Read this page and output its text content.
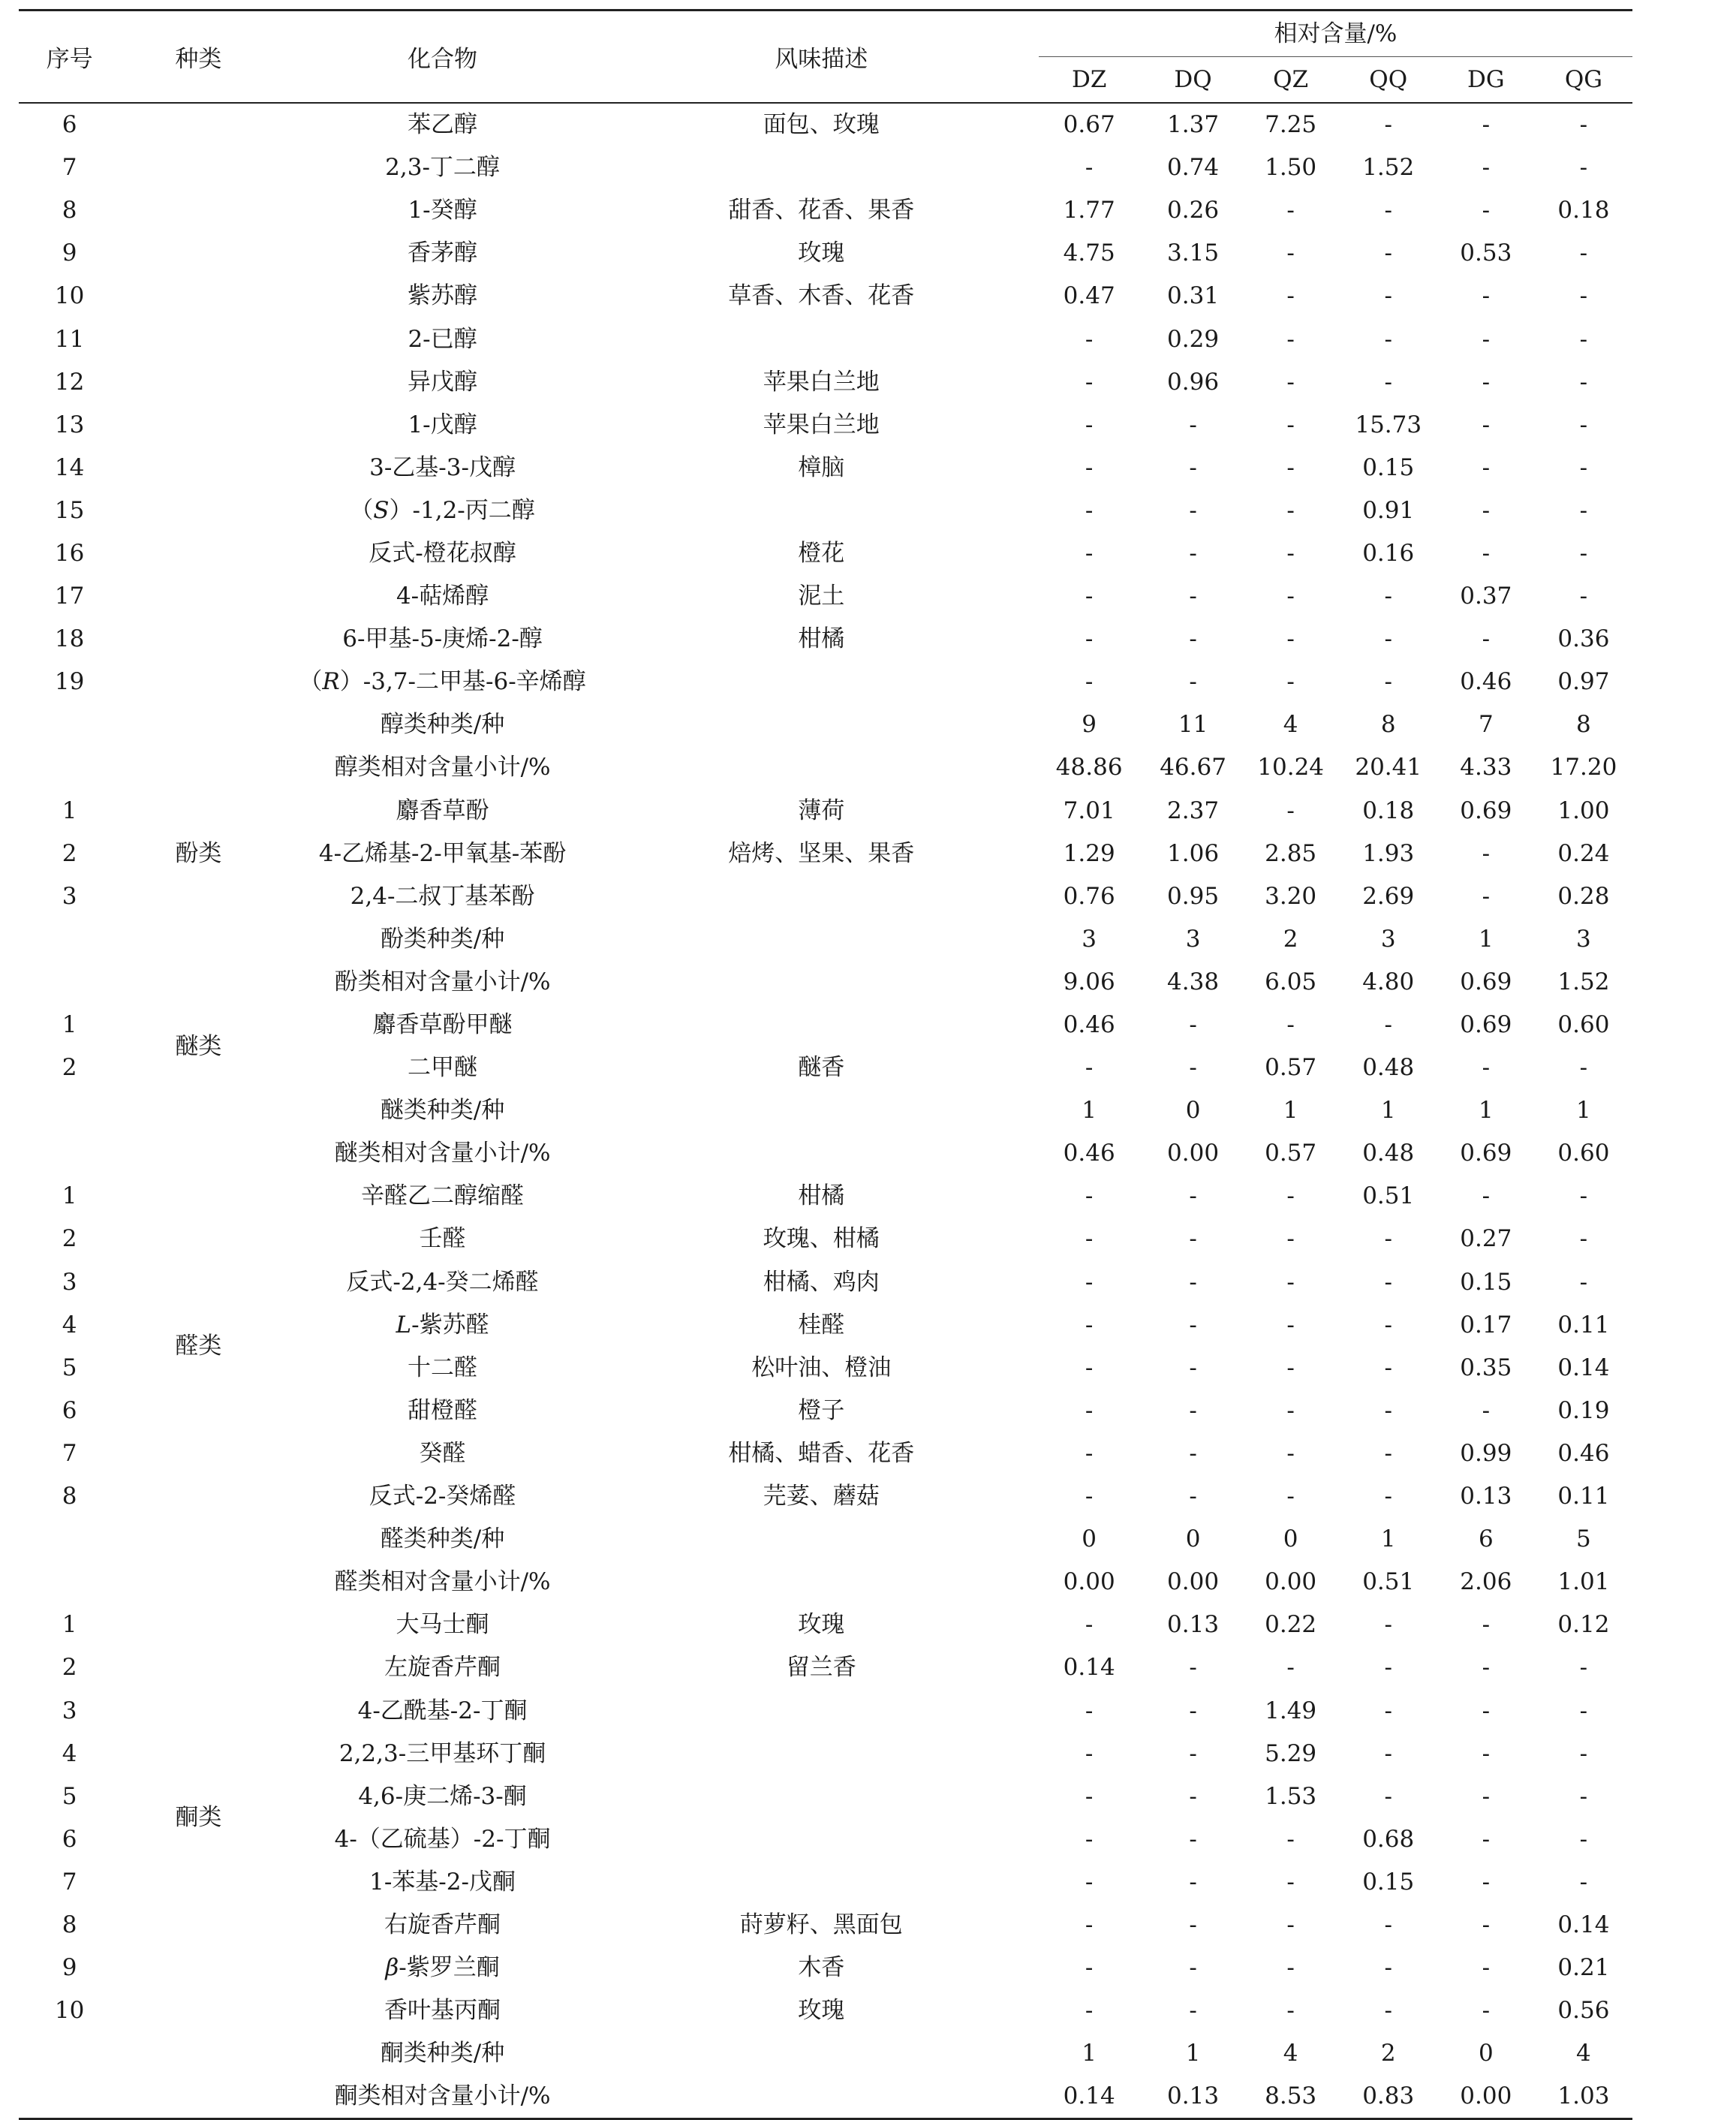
序号	种类	化合物	风味描述	相对含量/%					

				DZ	DQ	QZ	QQ	DG	QG
6		苯乙醇	面包、玫瑰	0.67	1.37	7.25	-	-	-
7		2,3-丁二醇		-	0.74	1.50	1.52	-	-
8		1-癸醇	甜香、花香、果香	1.77	0.26	-	-	-	0.18
9		香茅醇	玫瑰	4.75	3.15	-	-	0.53	-
10		紫苏醇	草香、木香、花香	0.47	0.31	-	-	-	-
11		2-已醇		-	0.29	-	-	-	-
12		异戊醇	苹果白兰地	-	0.96	-	-	-	-
13		1-戊醇	苹果白兰地	-	-	-	15.73	-	-
14		3-乙基-3-戊醇	樟脑	-	-	-	0.15	-	-
15		（S）-1,2-丙二醇		-	-	-	0.91	-	-
16		反式-橙花叔醇	橙花	-	-	-	0.16	-	-
17		4-萜烯醇	泥土	-	-	-	-	0.37	-
18		6-甲基-5-庚烯-2-醇	柑橘	-	-	-	-	-	0.36
19		（R）-3,7-二甲基-6-辛烯醇		-	-	-	-	0.46	0.97
		醇类种类/种		9	11	4	8	7	8
		醇类相对含量小计/%		48.86	46.67	10.24	20.41	4.33	17.20
1	酚类	麝香草酚	薄荷	7.01	2.37	-	0.18	0.69	1.00
2		4-乙烯基-2-甲氧基-苯酚	焙烤、坚果、果香	1.29	1.06	2.85	1.93	-	0.24
3		2,4-二叔丁基苯酚		0.76	0.95	3.20	2.69	-	0.28
		酚类种类/种		3	3	2	3	1	3
		酚类相对含量小计/%		9.06	4.38	6.05	4.80	0.69	1.52
1	醚类	麝香草酚甲醚		0.46	-	-	-	0.69	0.60
2		二甲醚	醚香	-	-	0.57	0.48	-	-
		醚类种类/种		1	0	1	1	1	1
		醚类相对含量小计/%		0.46	0.00	0.57	0.48	0.69	0.60
1	醛类	辛醛乙二醇缩醛	柑橘	-	-	-	0.51	-	-
2		壬醛	玫瑰、柑橘	-	-	-	-	0.27	-
3		反式-2,4-癸二烯醛	柑橘、鸡肉	-	-	-	-	0.15	-
4		L-紫苏醛	桂醛	-	-	-	-	0.17	0.11
5		十二醛	松叶油、橙油	-	-	-	-	0.35	0.14
6		甜橙醛	橙子	-	-	-	-	-	0.19
7		癸醛	柑橘、蜡香、花香	-	-	-	-	0.99	0.46
8		反式-2-癸烯醛	芫荽、蘑菇	-	-	-	-	0.13	0.11
		醛类种类/种		0	0	0	1	6	5
		醛类相对含量小计/%		0.00	0.00	0.00	0.51	2.06	1.01
1	酮类	大马士酮	玫瑰	-	0.13	0.22	-	-	0.12
2		左旋香芹酮	留兰香	0.14	-	-	-	-	-
3		4-乙酰基-2-丁酮		-	-	1.49	-	-	-
4		2,2,3-三甲基环丁酮		-	-	5.29	-	-	-
5		4,6-庚二烯-3-酮		-	-	1.53	-	-	-
6		4-（乙硫基）-2-丁酮		-	-	-	0.68	-	-
7		1-苯基-2-戊酮		-	-	-	0.15	-	-
8		右旋香芹酮	莳萝籽、黑面包	-	-	-	-	-	0.14
9		β-紫罗兰酮	木香	-	-	-	-	-	0.21
10		香叶基丙酮	玫瑰	-	-	-	-	-	0.56
		酮类种类/种		1	1	4	2	0	4
		酮类相对含量小计/%		0.14	0.13	8.53	0.83	0.00	1.03
